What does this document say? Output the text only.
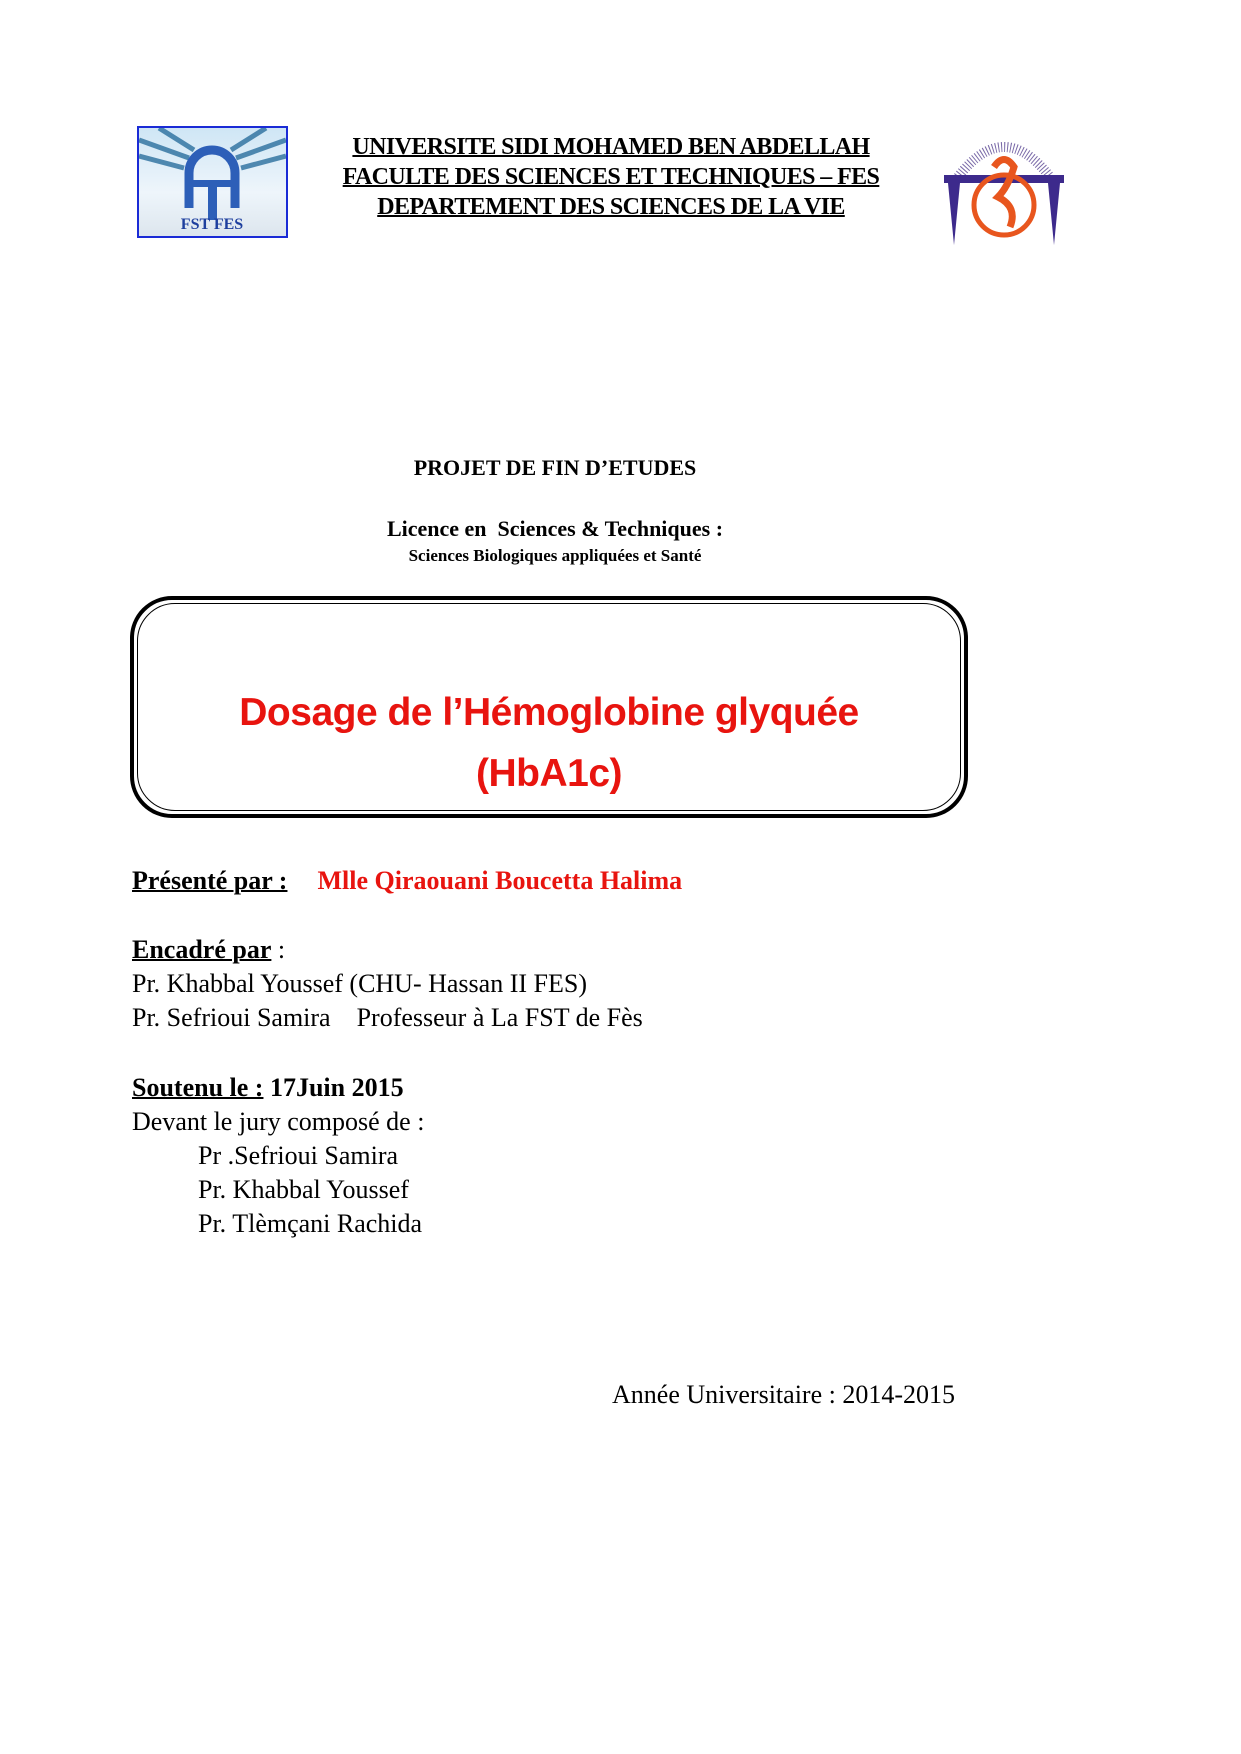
FST FES
UNIVERSITE SIDI MOHAMED BEN ABDELLAH
FACULTE DES SCIENCES ET TECHNIQUES – FES
DEPARTEMENT DES SCIENCES DE LA VIE
PROJET DE FIN D’ETUDES
Licence en  Sciences & Techniques :
Sciences Biologiques appliquées et Santé
Dosage de l’Hémoglobine glyquée
(HbA1c)
Présenté par : Mlle Qiraouani Boucetta Halima
Encadré par :
Pr. Khabbal Youssef (CHU- Hassan II FES)
Pr. Sefrioui Samira    Professeur à La FST de Fès
Soutenu le : 17Juin 2015
Devant le jury composé de :
Pr .Sefrioui Samira
Pr. Khabbal Youssef
Pr. Tlèmçani Rachida
Année Universitaire : 2014-2015
